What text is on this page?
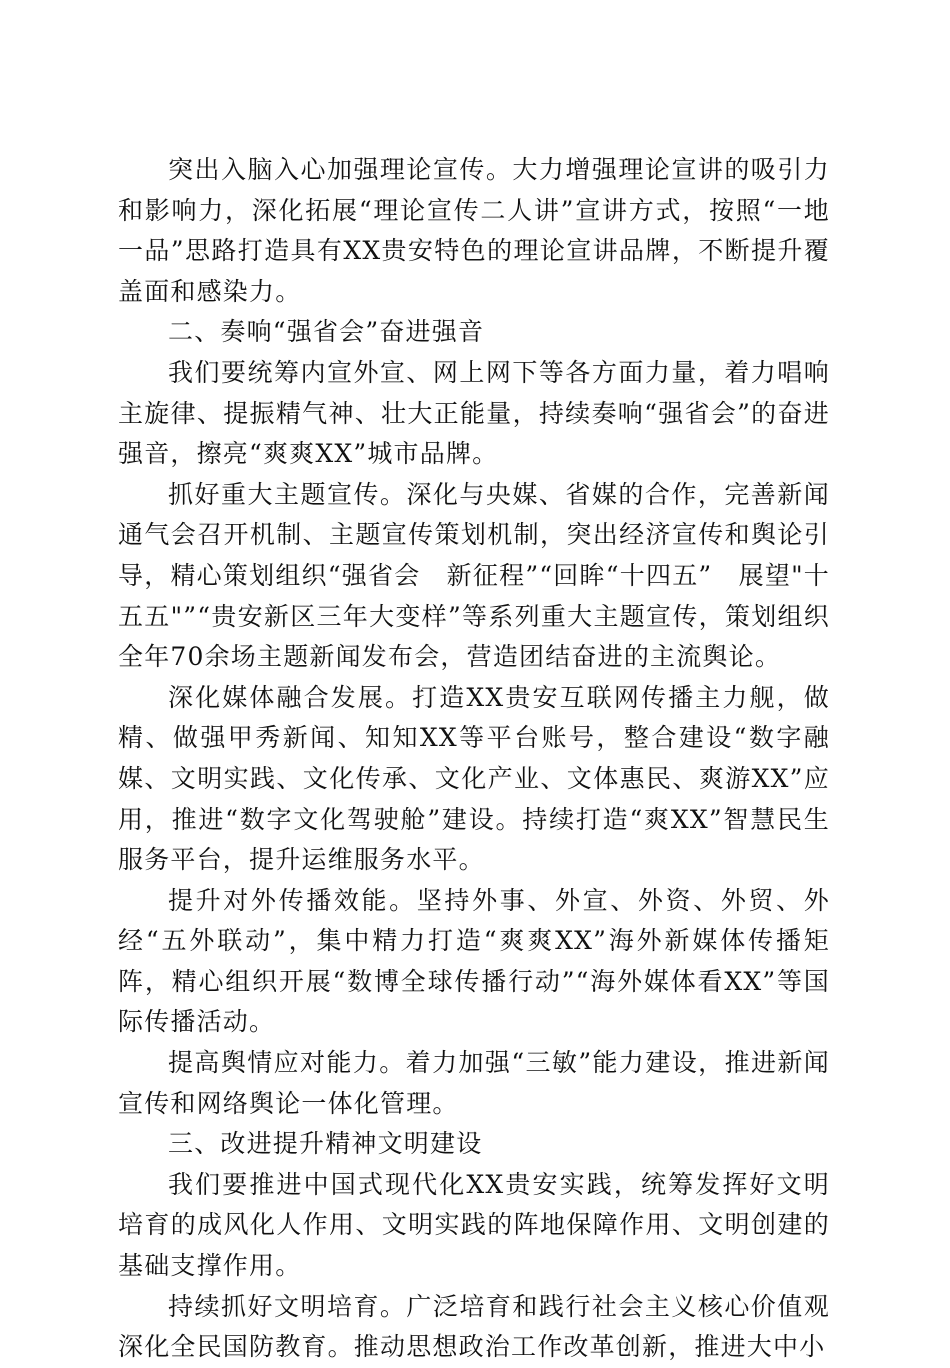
突出入脑入心加强理论宣传。大力增强理论宣讲的吸引力和影响力，深化拓展“理论宣传二人讲”宣讲方式，按照“一地一品”思路打造具有XX贵安特色的理论宣讲品牌，不断提升覆盖面和感染力。

二、奏响“强省会”奋进强音

我们要统筹内宣外宣、网上网下等各方面力量，着力唱响主旋律、提振精气神、壮大正能量，持续奏响“强省会”的奋进强音，擦亮“爽爽XX”城市品牌。

抓好重大主题宣传。深化与央媒、省媒的合作，完善新闻通气会召开机制、主题宣传策划机制，突出经济宣传和舆论引导，精心策划组织“强省会　新征程”“回眸“十四五”　展望"十五五"”“贵安新区三年大变样”等系列重大主题宣传，策划组织全年70余场主题新闻发布会，营造团结奋进的主流舆论。

深化媒体融合发展。打造XX贵安互联网传播主力舰，做精、做强甲秀新闻、知知XX等平台账号，整合建设“数字融媒、文明实践、文化传承、文化产业、文体惠民、爽游XX”应用，推进“数字文化驾驶舱”建设。持续打造“爽XX”智慧民生服务平台，提升运维服务水平。

提升对外传播效能。坚持外事、外宣、外资、外贸、外经“五外联动”，集中精力打造“爽爽XX”海外新媒体传播矩阵，精心组织开展“数博全球传播行动”“海外媒体看XX”等国际传播活动。

提高舆情应对能力。着力加强“三敏”能力建设，推进新闻宣传和网络舆论一体化管理。

三、改进提升精神文明建设

我们要推进中国式现代化XX贵安实践，统筹发挥好文明培育的成风化人作用、文明实践的阵地保障作用、文明创建的基础支撑作用。

持续抓好文明培育。广泛培育和践行社会主义核心价值观深化全民国防教育。推动思想政治工作改革创新，推进大中小
